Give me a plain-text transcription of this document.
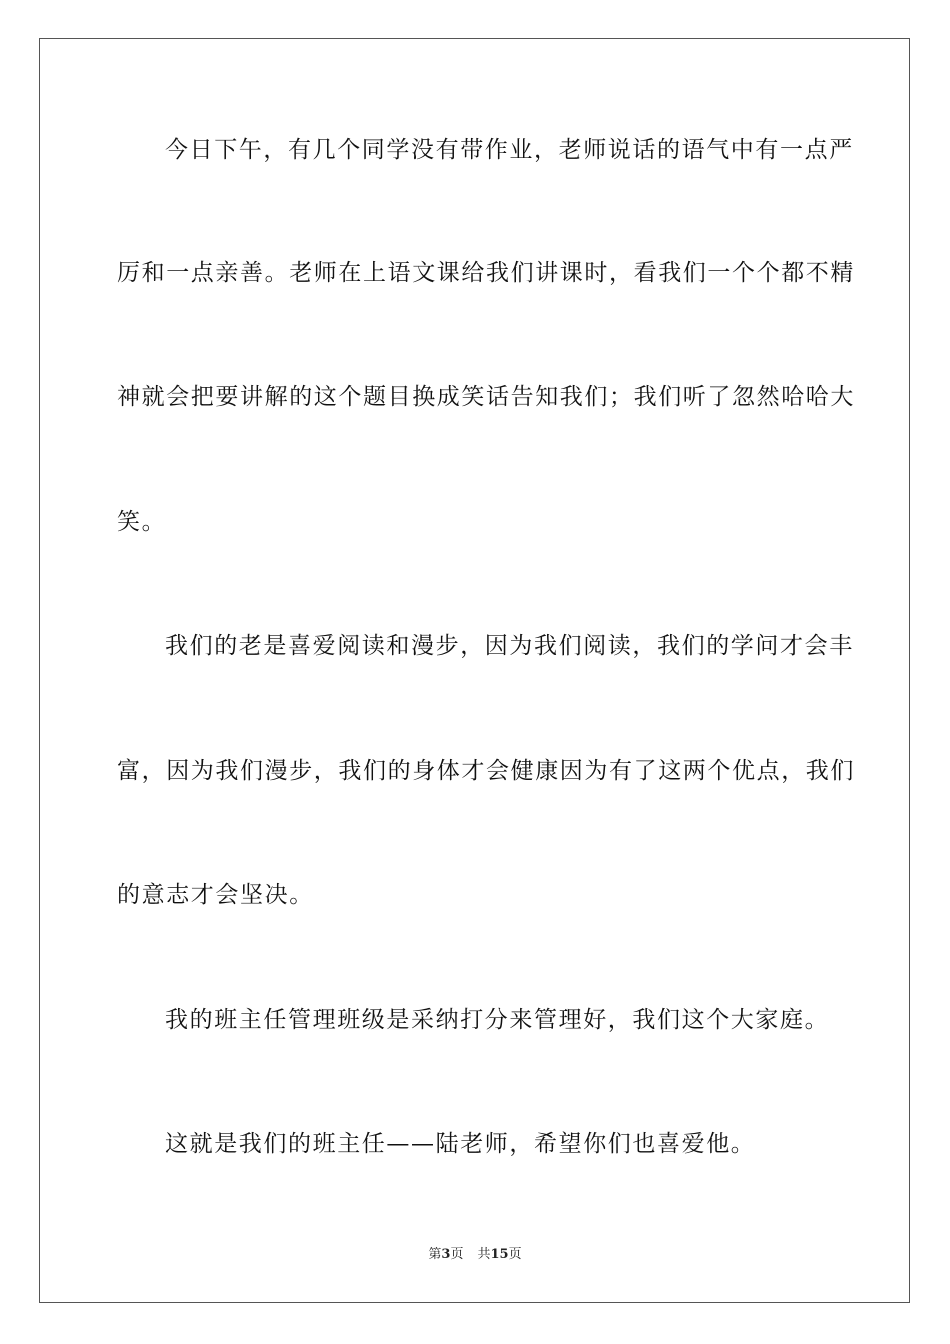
今日下午，有几个同学没有带作业，老师说话的语气中有一点严
厉和一点亲善。老师在上语文课给我们讲课时，看我们一个个都不精
神就会把要讲解的这个题目换成笑话告知我们；我们听了忽然哈哈大
笑。
我们的老是喜爱阅读和漫步，因为我们阅读，我们的学问才会丰
富，因为我们漫步，我们的身体才会健康因为有了这两个优点，我们
的意志才会坚决。
我的班主任管理班级是采纳打分来管理好，我们这个大家庭。
这就是我们的班主任——陆老师，希望你们也喜爱他。
第3页 共15页
